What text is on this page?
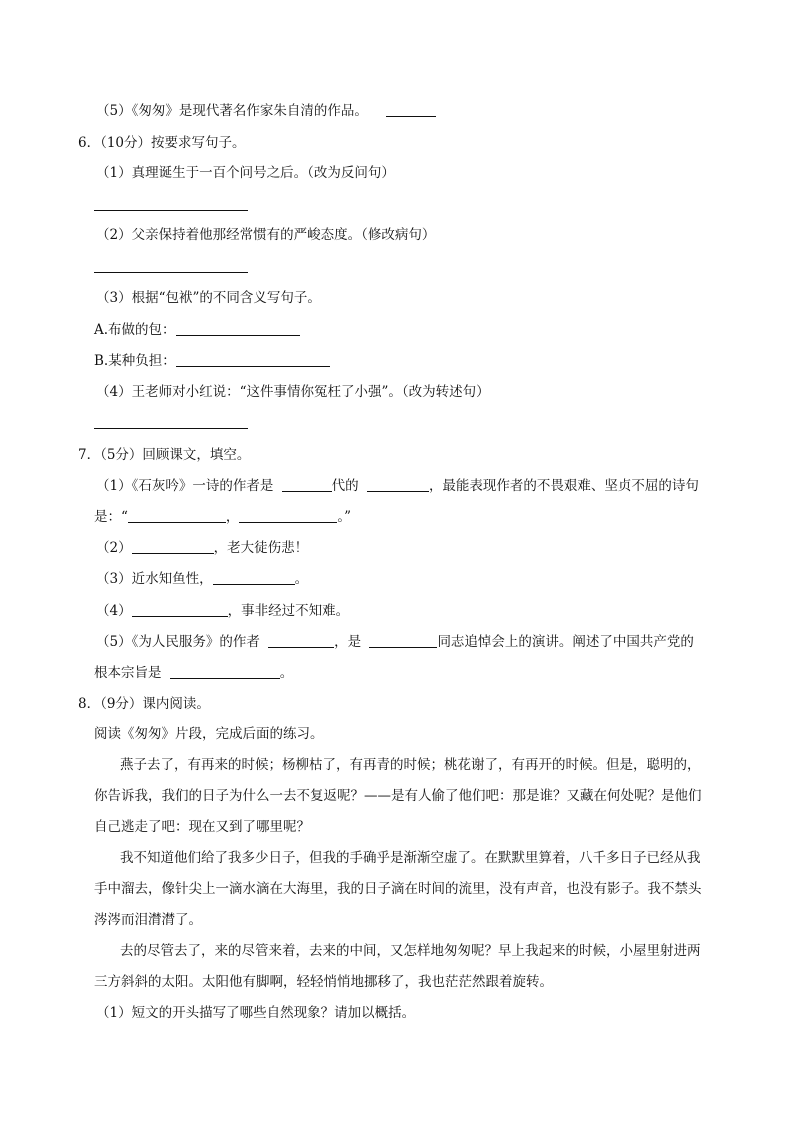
（5）《匆匆》是现代著名作家朱自清的作品。
6．（10分）按要求写句子。
（1）真理诞生于一百个问号之后。（改为反问句）
（2）父亲保持着他那经常惯有的严峻态度。（修改病句）
（3）根据“包袱”的不同含义写句子。
A.布做的包：
B.某种负担：
（4）王老师对小红说：“这件事情你冤枉了小强”。（改为转述句）
7．（5分）回顾课文，填空。
（1）《石灰吟》一诗的作者是	代的	，最能表现作者的不畏艰难、坚贞不屈的诗句
是：“	，	。”
（2）	，老大徒伤悲！
（3）近水知鱼性，	。
（4）	，事非经过不知难。
（5）《为人民服务》的作者	，是	同志追悼会上的演讲。阐述了中国共产党的
根本宗旨是	。
8．（9分）课内阅读。
阅读《匆匆》片段，完成后面的练习。
燕子去了，有再来的时候；杨柳枯了，有再青的时候；桃花谢了，有再开的时候。但是，聪明的，
你告诉我，我们的日子为什么一去不复返呢？——是有人偷了他们吧：那是谁？又藏在何处呢？是他们
自己逃走了吧：现在又到了哪里呢？
我不知道他们给了我多少日子，但我的手确乎是渐渐空虚了。在默默里算着，八千多日子已经从我
手中溜去，像针尖上一滴水滴在大海里，我的日子滴在时间的流里，没有声音，也没有影子。我不禁头
涔涔而泪潸潸了。
去的尽管去了，来的尽管来着，去来的中间，又怎样地匆匆呢？早上我起来的时候，小屋里射进两
三方斜斜的太阳。太阳他有脚啊，轻轻悄悄地挪移了，我也茫茫然跟着旋转。
（1）短文的开头描写了哪些自然现象？请加以概括。
